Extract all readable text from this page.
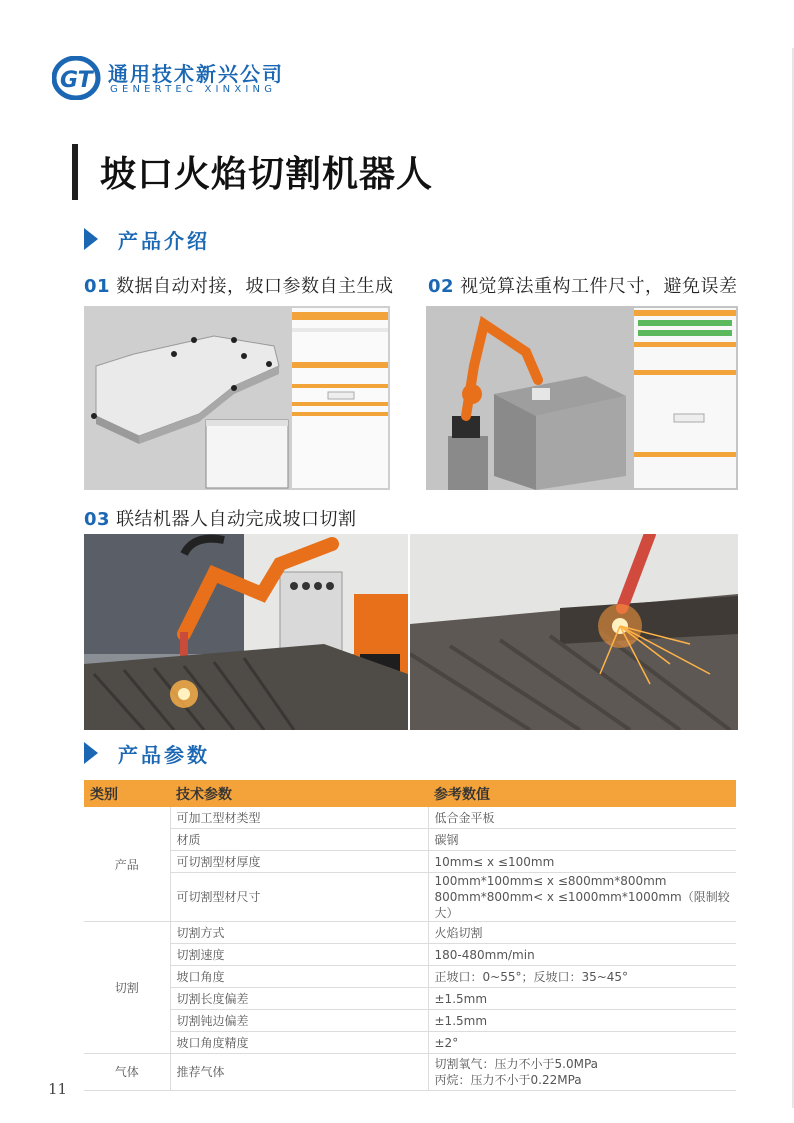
GT 通用技术新兴公司
GENERTEC XINXING
坡口火焰切割机器人
产品介绍
01 数据自动对接，坡口参数自主生成 02 视觉算法重构工件尺寸，避免误差
03 联结机器人自动完成坡口切割
产品参数
类别	技术参数	参考数值
产品	可加工型材类型	低合金平板
	材质	碳钢
	可切割型材厚度	10mm≤ x ≤100mm
	可切割型材尺寸	100mm*100mm≤ x ≤800mm*800mm
800mm*800mm< x ≤1000mm*1000mm（限制较大）

切割	切割方式	火焰切割
	切割速度	180-480mm/min
	坡口角度	正坡口：0~55°；反坡口：35~45°
	切割长度偏差	±1.5mm
	切割钝边偏差	±1.5mm
	坡口角度精度	±2°
气体	推荐气体	切割氧气：压力不小于5.0MPa
丙烷：压力不小于0.22MPa
11
